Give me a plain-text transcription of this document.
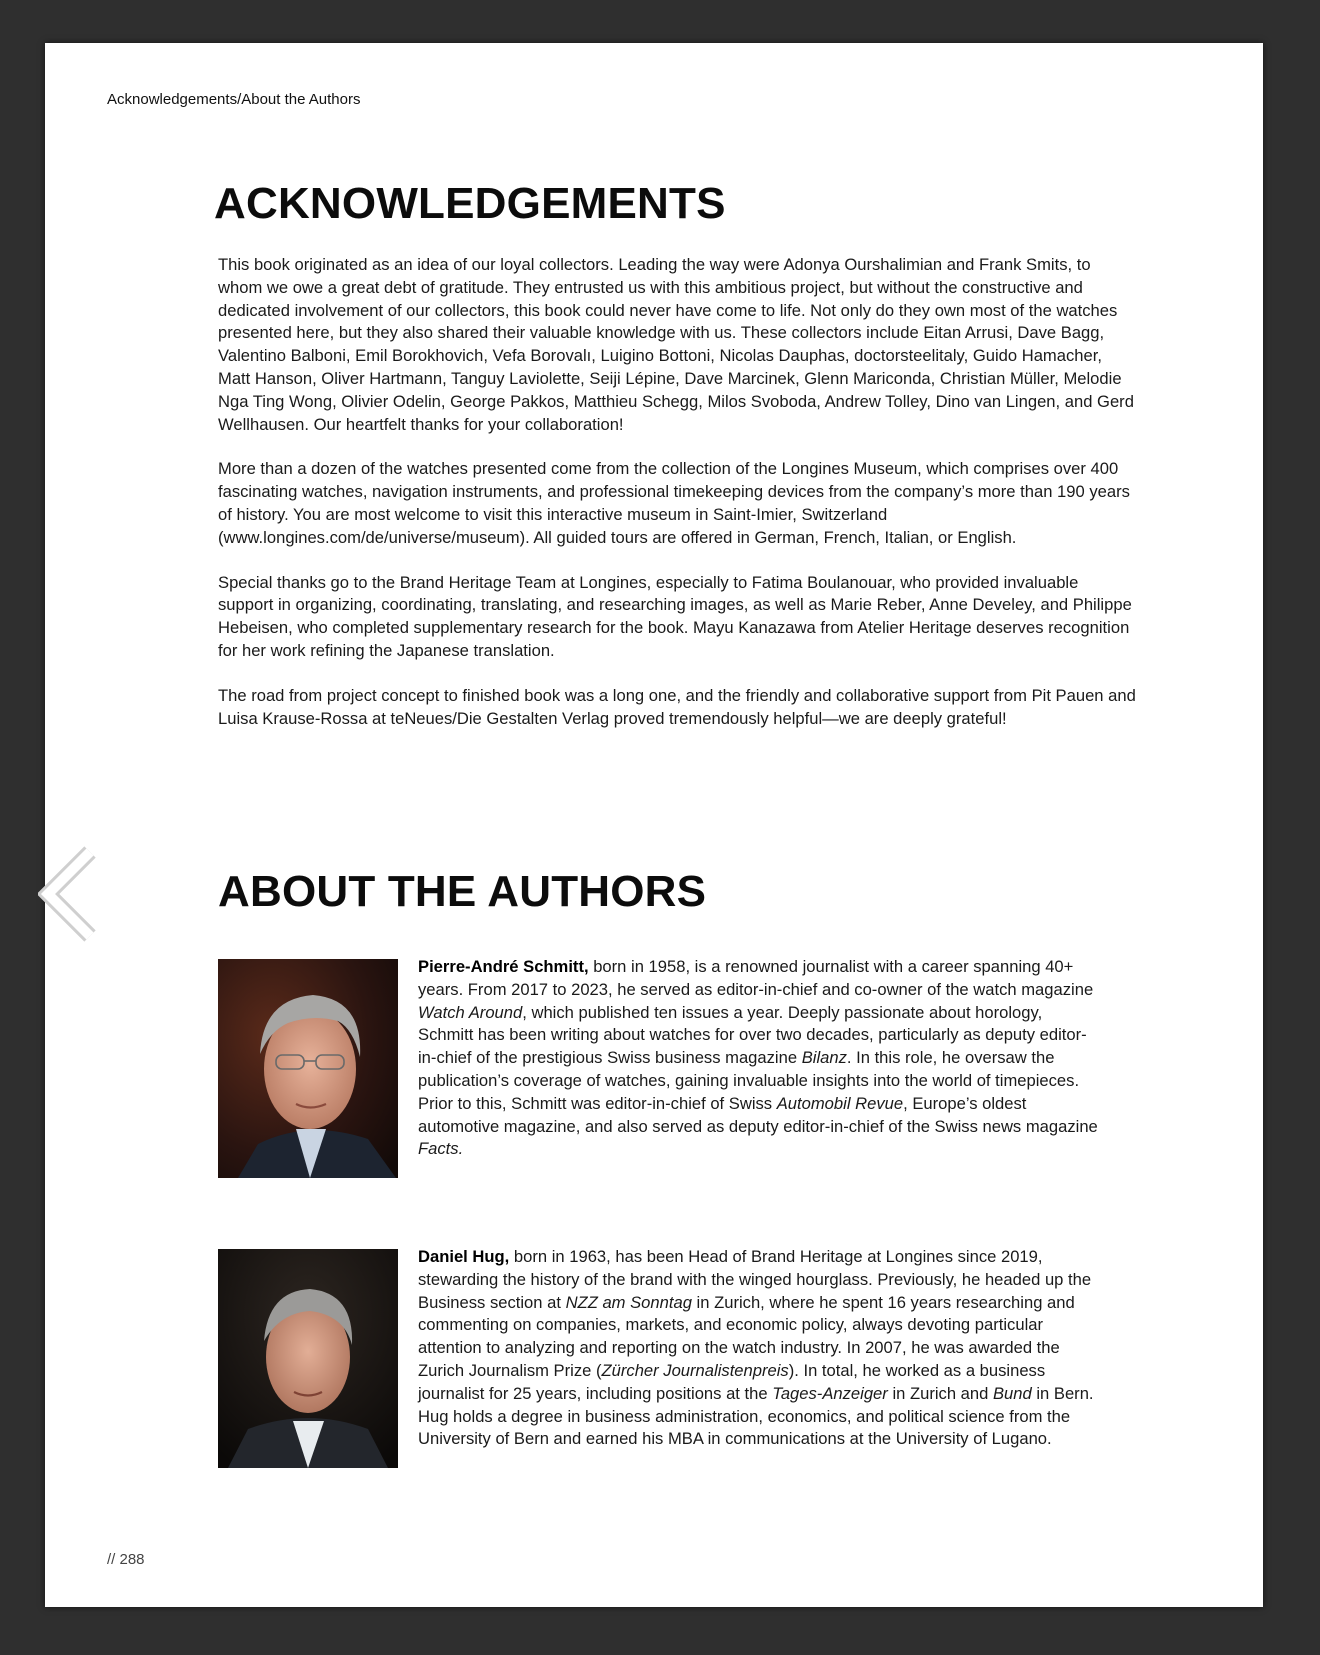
Acknowledgements/About the Authors
ACKNOWLEDGEMENTS

This book originated as an idea of our loyal collectors. Leading the way were Adonya Ourshalimian and Frank Smits, to whom we owe a great debt of gratitude. They entrusted us with this ambitious project, but without the constructive and dedicated involvement of our collectors, this book could never have come to life. Not only do they own most of the watches presented here, but they also shared their valuable knowledge with us. These collectors include Eitan Arrusi, Dave Bagg, Valentino Balboni, Emil Borokhovich, Vefa Borovalı, Luigino Bottoni, Nicolas Dauphas, doctorsteelitaly, Guido Hamacher, Matt Hanson, Oliver Hartmann, Tanguy Laviolette, Seiji Lépine, Dave Marcinek, Glenn Mariconda, Christian Müller, Melodie Nga Ting Wong, Olivier Odelin, George Pakkos, Matthieu Schegg, Milos Svoboda, Andrew Tolley, Dino van Lingen, and Gerd Wellhausen. Our heartfelt thanks for your collaboration!

More than a dozen of the watches presented come from the collection of the Longines Museum, which comprises over 400 fascinating watches, navigation instruments, and professional timekeeping devices from the company’s more than 190 years of history. You are most welcome to visit this interactive museum in Saint-Imier, Switzerland (www.longines.com/de/universe/museum). All guided tours are offered in German, French, Italian, or English.

Special thanks go to the Brand Heritage Team at Longines, especially to Fatima Boulanouar, who provided invaluable support in organizing, coordinating, translating, and researching images, as well as Marie Reber, Anne Develey, and Philippe Hebeisen, who completed supplementary research for the book. Mayu Kanazawa from Atelier Heritage deserves recognition for her work refining the Japanese translation.

The road from project concept to finished book was a long one, and the friendly and collaborative support from Pit Pauen and Luisa Krause-Rossa at teNeues/Die Gestalten Verlag proved tremendously helpful—we are deeply grateful!

ABOUT THE AUTHORS

Pierre-André Schmitt, born in 1958, is a renowned journalist with a career spanning 40+ years. From 2017 to 2023, he served as editor-in-chief and co-owner of the watch magazine Watch Around, which published ten issues a year. Deeply passionate about horology, Schmitt has been writing about watches for over two decades, particularly as deputy editor-in-chief of the prestigious Swiss business magazine Bilanz. In this role, he oversaw the publication’s coverage of watches, gaining invaluable insights into the world of timepieces. Prior to this, Schmitt was editor-in-chief of Swiss Automobil Revue, Europe’s oldest automotive magazine, and also served as deputy editor-in-chief of the Swiss news magazine Facts.

Daniel Hug, born in 1963, has been Head of Brand Heritage at Longines since 2019, stewarding the history of the brand with the winged hourglass. Previously, he headed up the Business section at NZZ am Sonntag in Zurich, where he spent 16 years researching and commenting on companies, markets, and economic policy, always devoting particular attention to analyzing and reporting on the watch industry. In 2007, he was awarded the Zurich Journalism Prize (Zürcher Journalistenpreis). In total, he worked as a business journalist for 25 years, including positions at the Tages-Anzeiger in Zurich and Bund in Bern. Hug holds a degree in business administration, economics, and political science from the University of Bern and earned his MBA in communications at the University of Lugano.

// 288
